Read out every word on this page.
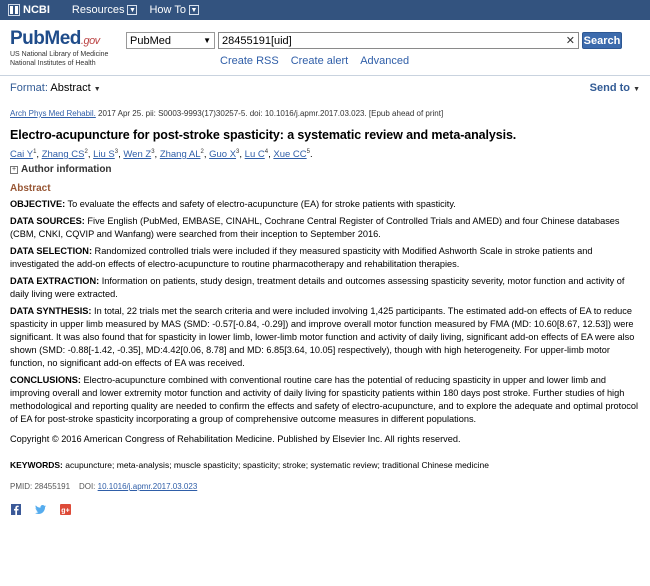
NCBI Resources ▼ How To ▼
PubMed.gov
US National Library of Medicine
National Institutes of Health
PubMed	▼ 28455191[uid]	✕ Search
Create RSS Create alert Advanced
Format: Abstract ▼	Send to ▼
Arch Phys Med Rehabil. 2017 Apr 25. pii: S0003-9993(17)30257-5. doi: 10.1016/j.apmr.2017.03.023. [Epub ahead of print]
Electro-acupuncture for post-stroke spasticity: a systematic review and meta-analysis.
Cai $Y^1$, Zhang $CS^2$, Liu $S^3$, Wen $Z^3$, Zhang $AL^2$, Guo $X^3$, Lu $C^4$, Xue $CC^5$.
+ Author information
Abstract

OBJECTIVE: To evaluate the effects and safety of electro-acupuncture (EA) for stroke patients with spasticity.

DATA SOURCES: Five English (PubMed, EMBASE, CINAHL, Cochrane Central Register of Controlled Trials and AMED) and four Chinese databases (CBM, CNKI, CQVIP and Wanfang) were searched from their inception to September 2016.

DATA SELECTION: Randomized controlled trials were included if they measured spasticity with Modified Ashworth Scale in stroke patients and investigated the add-on effects of electro-acupuncture to routine pharmacotherapy and rehabilitation therapies.

DATA EXTRACTION: Information on patients, study design, treatment details and outcomes assessing spasticity severity, motor function and activity of daily living were extracted.

DATA SYNTHESIS: In total, 22 trials met the search criteria and were included involving 1,425 participants. The estimated add-on effects of EA to reduce spasticity in upper limb measured by MAS (SMD: -0.57[-0.84, -0.29]) and improve overall motor function measured by FMA (MD: 10.60[8.67, 12.53]) were significant. It was also found that for spasticity in lower limb, lower-limb motor function and activity of daily living, significant add-on effects of EA were also shown (SMD: -0.88[-1.42, -0.35], MD:4.42[0.06, 8.78] and MD: 6.85[3.64, 10.05] respectively), though with high heterogeneity. For upper-limb motor function, no significant add-on effects of EA was received.

CONCLUSIONS: Electro-acupuncture combined with conventional routine care has the potential of reducing spasticity in upper and lower limb and improving overall and lower extremity motor function and activity of daily living for spasticity patients within 180 days post stroke. Further studies of high methodological and reporting quality are needed to confirm the effects and safety of electro-acupuncture, and to explore the adequate and optimal protocol of EA for post-stroke spasticity incorporating a group of comprehensive outcome measures in different populations.

Copyright © 2016 American Congress of Rehabilitation Medicine. Published by Elsevier Inc. All rights reserved.

KEYWORDS: acupuncture; meta-analysis; muscle spasticity; spasticity; stroke; systematic review; traditional Chinese medicine

PMID: 28455191 DOI: 10.1016/j.apmr.2017.03.023

g+
